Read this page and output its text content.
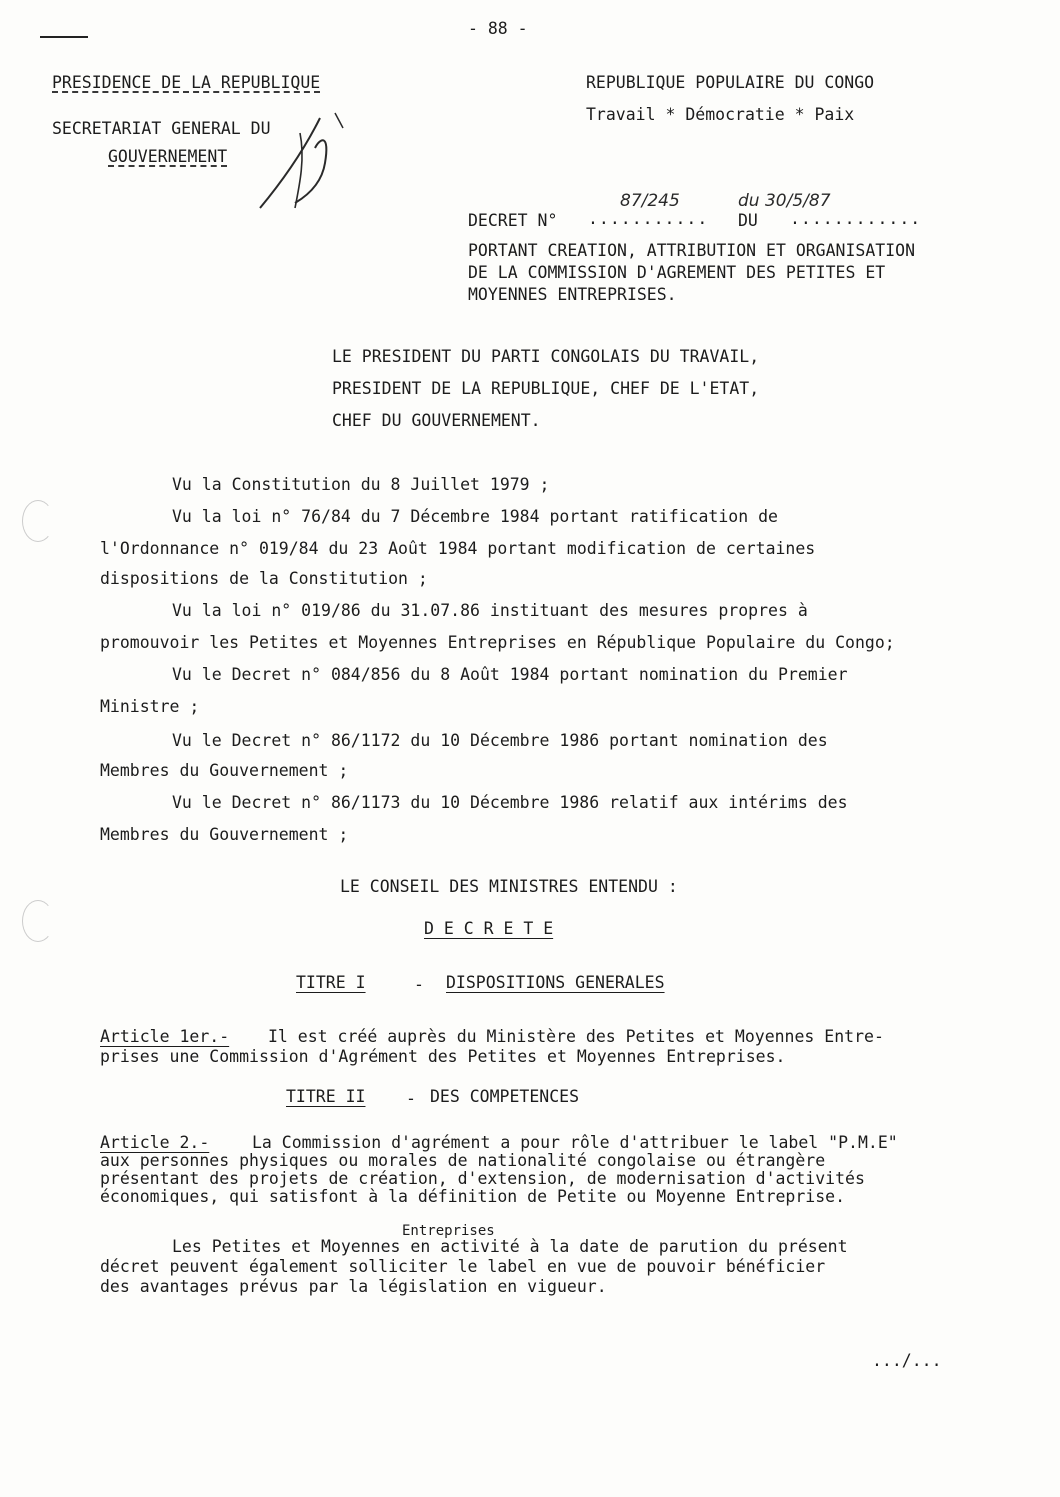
- 88 -
PRESIDENCE DE LA REPUBLIQUE
SECRETARIAT GENERAL DU
GOUVERNEMENT
REPUBLIQUE POPULAIRE DU CONGO
Travail * Démocratie * Paix
87/245	du 30/5/87
DECRET N° ........... DU ............
PORTANT CREATION, ATTRIBUTION ET ORGANISATION
DE LA COMMISSION D'AGREMENT DES PETITES ET
MOYENNES ENTREPRISES.
LE PRESIDENT DU PARTI CONGOLAIS DU TRAVAIL,
PRESIDENT DE LA REPUBLIQUE, CHEF DE L'ETAT,
CHEF DU GOUVERNEMENT.
Vu la Constitution du 8 Juillet 1979 ;
Vu la loi n° 76/84 du 7 Décembre 1984 portant ratification de
l'Ordonnance n° 019/84 du 23 Août 1984 portant modification de certaines
dispositions de la Constitution ;
Vu la loi n° 019/86 du 31.07.86 instituant des mesures propres à
promouvoir les Petites et Moyennes Entreprises en République Populaire du Congo;
Vu le Decret n° 084/856 du 8 Août 1984 portant nomination du Premier
Ministre ;
Vu le Decret n° 86/1172 du 10 Décembre 1986 portant nomination des
Membres du Gouvernement ;
Vu le Decret n° 86/1173 du 10 Décembre 1986 relatif aux intérims des
Membres du Gouvernement ;
LE CONSEIL DES MINISTRES ENTENDU :
D E C R E T E
TITRE I	- DISPOSITIONS GENERALES
Article 1er.- Il est créé auprès du Ministère des Petites et Moyennes Entre-
prises une Commission d'Agrément des Petites et Moyennes Entreprises.
TITRE II - DES COMPETENCES
Article 2.-	La Commission d'agrément a pour rôle d'attribuer le label "P.M.E"
aux personnes physiques ou morales de nationalité congolaise ou étrangère
présentant des projets de création, d'extension, de modernisation d'activités
économiques, qui satisfont à la définition de Petite ou Moyenne Entreprise.
Entreprises
Les Petites et Moyennes en activité à la date de parution du présent
décret peuvent également solliciter le label en vue de pouvoir bénéficier
des avantages prévus par la législation en vigueur.
.../...
